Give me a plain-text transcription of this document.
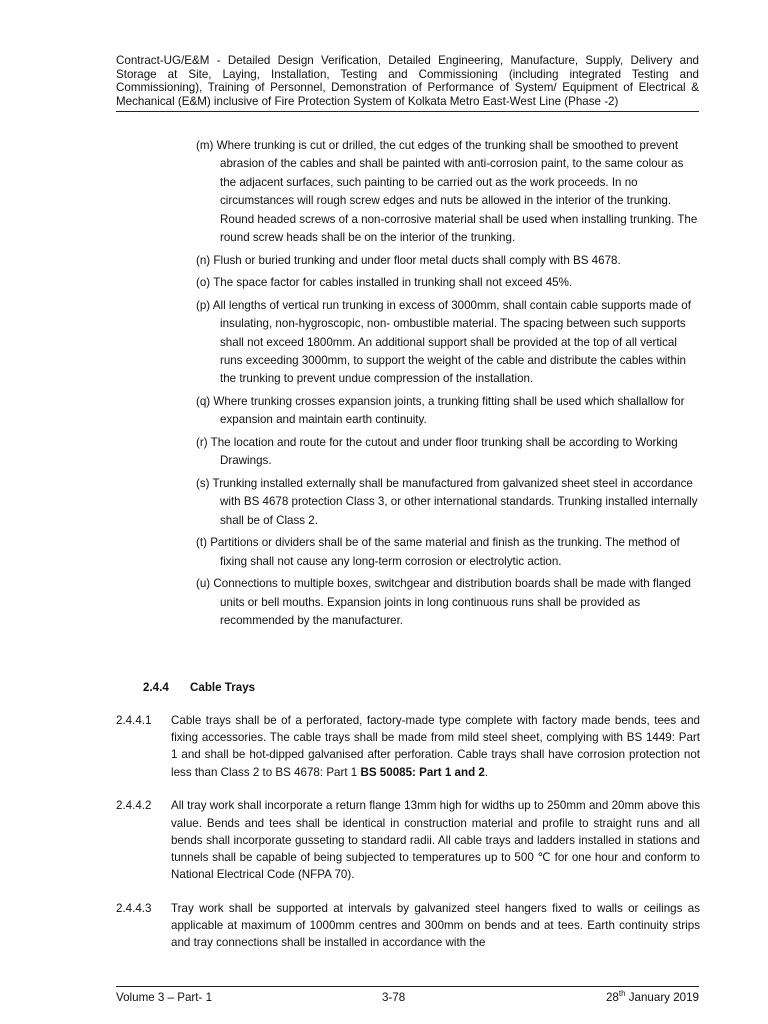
Contract-UG/E&M - Detailed Design Verification, Detailed Engineering, Manufacture, Supply, Delivery and Storage at Site, Laying, Installation, Testing and Commissioning (including integrated Testing and Commissioning), Training of Personnel, Demonstration of Performance of System/ Equipment of Electrical & Mechanical (E&M) inclusive of Fire Protection System of Kolkata Metro East-West Line (Phase -2)
(m) Where trunking is cut or drilled, the cut edges of the trunking shall be smoothed to prevent abrasion of the cables and shall be painted with anti-corrosion paint, to the same colour as the adjacent surfaces, such painting to be carried out as the work proceeds. In no circumstances will rough screw edges and nuts be allowed in the interior of the trunking. Round headed screws of a non-corrosive material shall be used when installing trunking. The round screw heads shall be on the interior of the trunking.
(n) Flush or buried trunking and under floor metal ducts shall comply with BS 4678.
(o) The space factor for cables installed in trunking shall not exceed 45%.
(p) All lengths of vertical run trunking in excess of 3000mm, shall contain cable supports made of insulating, non-hygroscopic, non- ombustible material. The spacing between such supports shall not exceed 1800mm. An additional support shall be provided at the top of all vertical runs exceeding 3000mm, to support the weight of the cable and distribute the cables within the trunking to prevent undue compression of the installation.
(q) Where trunking crosses expansion joints, a trunking fitting shall be used which shallallow for expansion and maintain earth continuity.
(r) The location and route for the cutout and under floor trunking shall be according to Working Drawings.
(s) Trunking installed externally shall be manufactured from galvanized sheet steel in accordance with BS 4678 protection Class 3, or other international standards. Trunking installed internally shall be of Class 2.
(t) Partitions or dividers shall be of the same material and finish as the trunking. The method of fixing shall not cause any long-term corrosion or electrolytic action.
(u) Connections to multiple boxes, switchgear and distribution boards shall be made with flanged units or bell mouths. Expansion joints in long continuous runs shall be provided as recommended by the manufacturer.
2.4.4 Cable Trays
2.4.4.1 Cable trays shall be of a perforated, factory-made type complete with factory made bends, tees and fixing accessories. The cable trays shall be made from mild steel sheet, complying with BS 1449: Part 1 and shall be hot-dipped galvanised after perforation. Cable trays shall have corrosion protection not less than Class 2 to BS 4678: Part 1 BS 50085: Part 1 and 2.
2.4.4.2 All tray work shall incorporate a return flange 13mm high for widths up to 250mm and 20mm above this value. Bends and tees shall be identical in construction material and profile to straight runs and all bends shall incorporate gusseting to standard radii. All cable trays and ladders installed in stations and tunnels shall be capable of being subjected to temperatures up to 500 ℃ for one hour and conform to National Electrical Code (NFPA 70).
2.4.4.3 Tray work shall be supported at intervals by galvanized steel hangers fixed to walls or ceilings as applicable at maximum of 1000mm centres and 300mm on bends and at tees. Earth continuity strips and tray connections shall be installed in accordance with the
Volume 3 – Part- 1	3-78	28th January 2019
